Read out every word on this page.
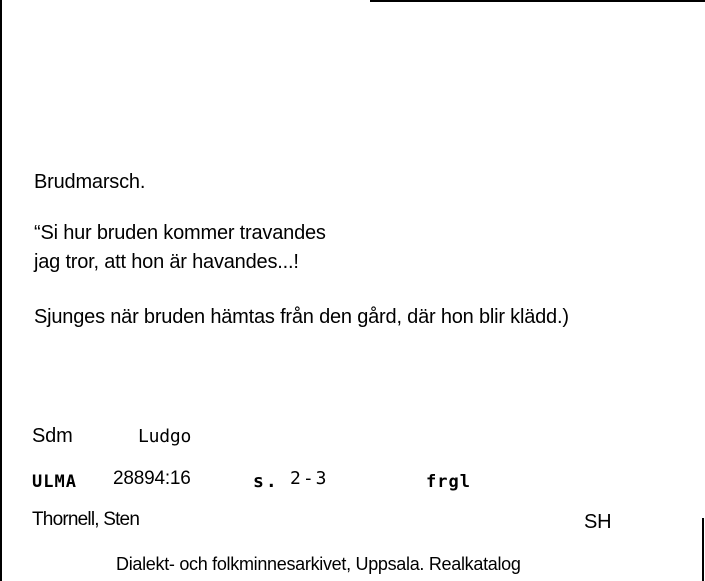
Brudmarsch.
“Si hur bruden kommer travandes
jag tror, att hon är havandes...!
Sjunges när bruden hämtas från den gård, där hon blir klädd.)
Sdm	Ludgo
ULMA 28894:16	s. 2-3	frgl
Thornell, Sten	SH
Dialekt- och folkminnesarkivet, Uppsala. Realkatalog
